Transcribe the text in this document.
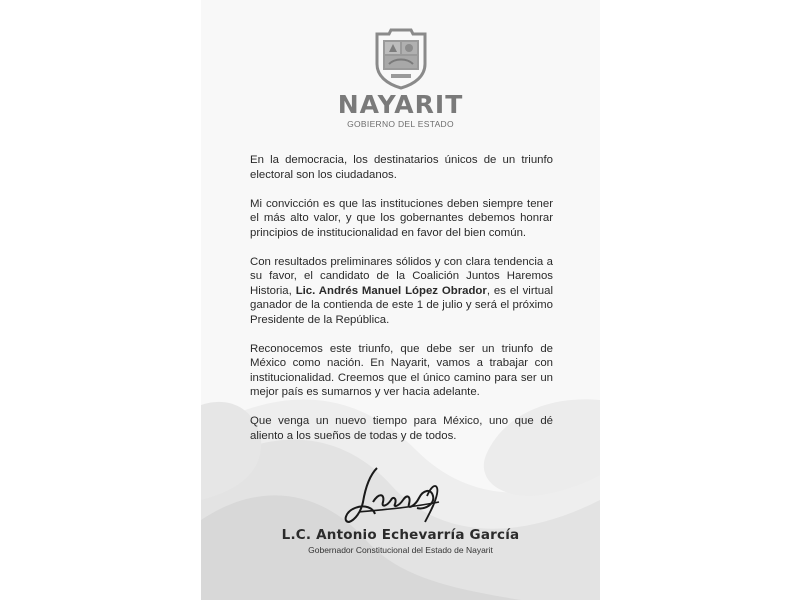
NAYARIT
GOBIERNO DEL ESTADO

En la democracia, los destinatarios únicos de un triunfo electoral son los ciudadanos.

Mi convicción es que las instituciones deben siempre tener el más alto valor, y que los gobernantes debemos honrar principios de institucionalidad en favor del bien común.

Con resultados preliminares sólidos y con clara tendencia a su favor, el candidato de la Coalición Juntos Haremos Historia, Lic. Andrés Manuel López Obrador, es el virtual ganador de la contienda de este 1 de julio y será el próximo Presidente de la República.

Reconocemos este triunfo, que debe ser un triunfo de México como nación. En Nayarit, vamos a trabajar con institucionalidad. Creemos que el único camino para ser un mejor país es sumarnos y ver hacia adelante.

Que venga un nuevo tiempo para México, uno que dé aliento a los sueños de todas y de todos.

L.C. Antonio Echevarría García
Gobernador Constitucional del Estado de Nayarit
